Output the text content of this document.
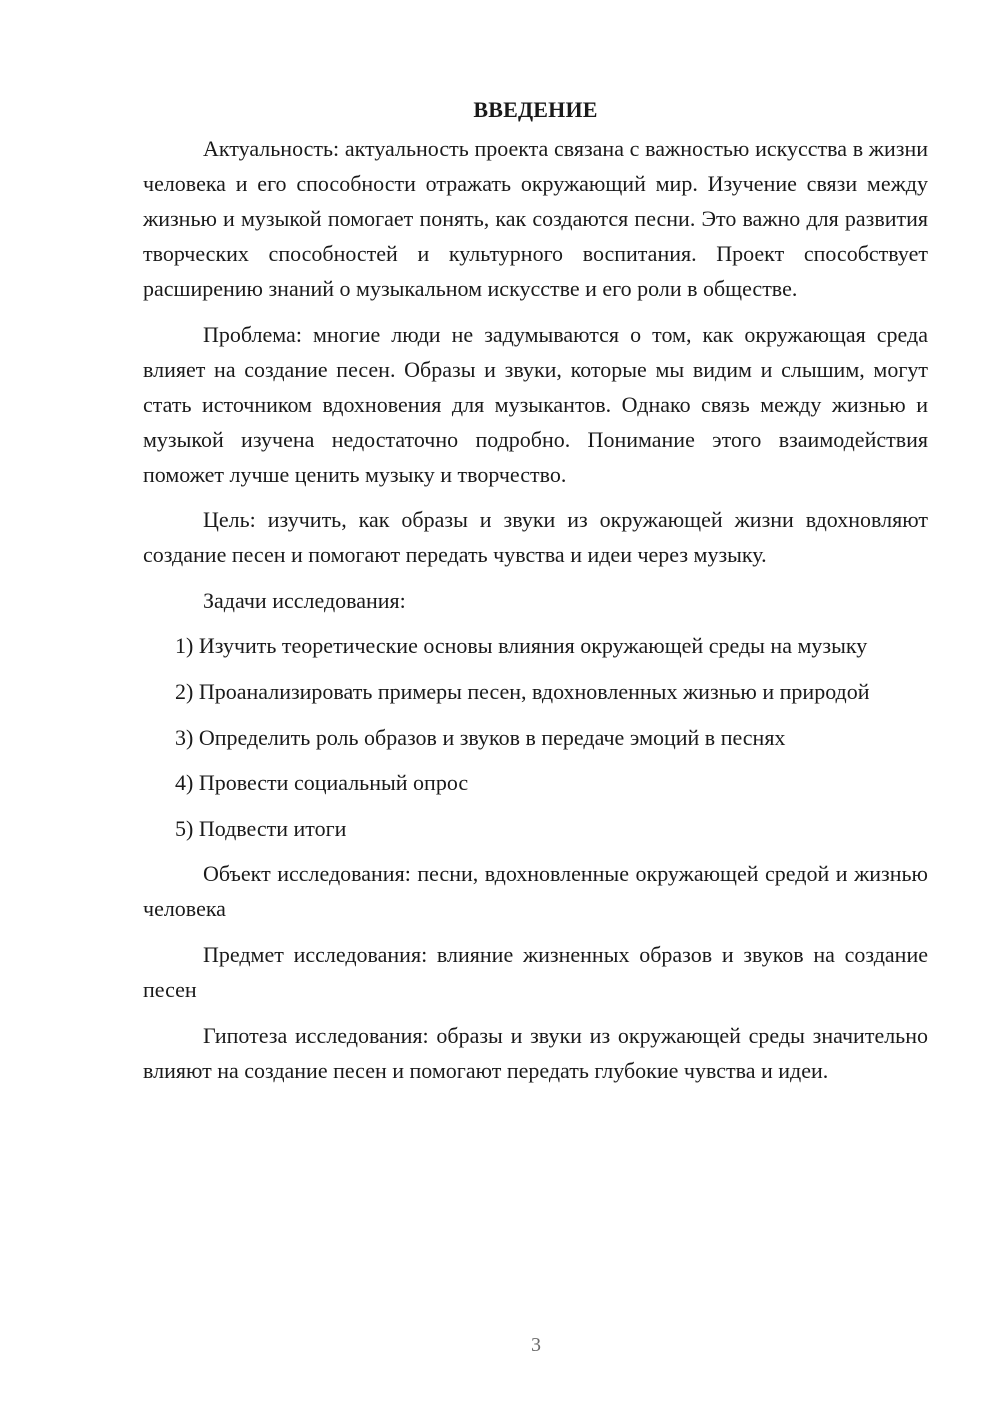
ВВЕДЕНИЕ

Актуальность: актуальность проекта связана с важностью искусства в жизни человека и его способности отражать окружающий мир. Изучение связи между жизнью и музыкой помогает понять, как создаются песни. Это важно для развития творческих способностей и культурного воспитания. Проект способствует расширению знаний о музыкальном искусстве и его роли в обществе.

Проблема: многие люди не задумываются о том, как окружающая среда влияет на создание песен. Образы и звуки, которые мы видим и слышим, могут стать источником вдохновения для музыкантов. Однако связь между жизнью и музыкой изучена недостаточно подробно. Понимание этого взаимодействия поможет лучше ценить музыку и творчество.

Цель: изучить, как образы и звуки из окружающей жизни вдохновляют создание песен и помогают передать чувства и идеи через музыку.

Задачи исследования:

1) Изучить теоретические основы влияния окружающей среды на музыку

2) Проанализировать примеры песен, вдохновленных жизнью и природой

3) Определить роль образов и звуков в передаче эмоций в песнях

4) Провести социальный опрос

5) Подвести итоги

Объект исследования: песни, вдохновленные окружающей средой и жизнью человека

Предмет исследования: влияние жизненных образов и звуков на создание песен

Гипотеза исследования: образы и звуки из окружающей среды значительно влияют на создание песен и помогают передать глубокие чувства и идеи.

3
